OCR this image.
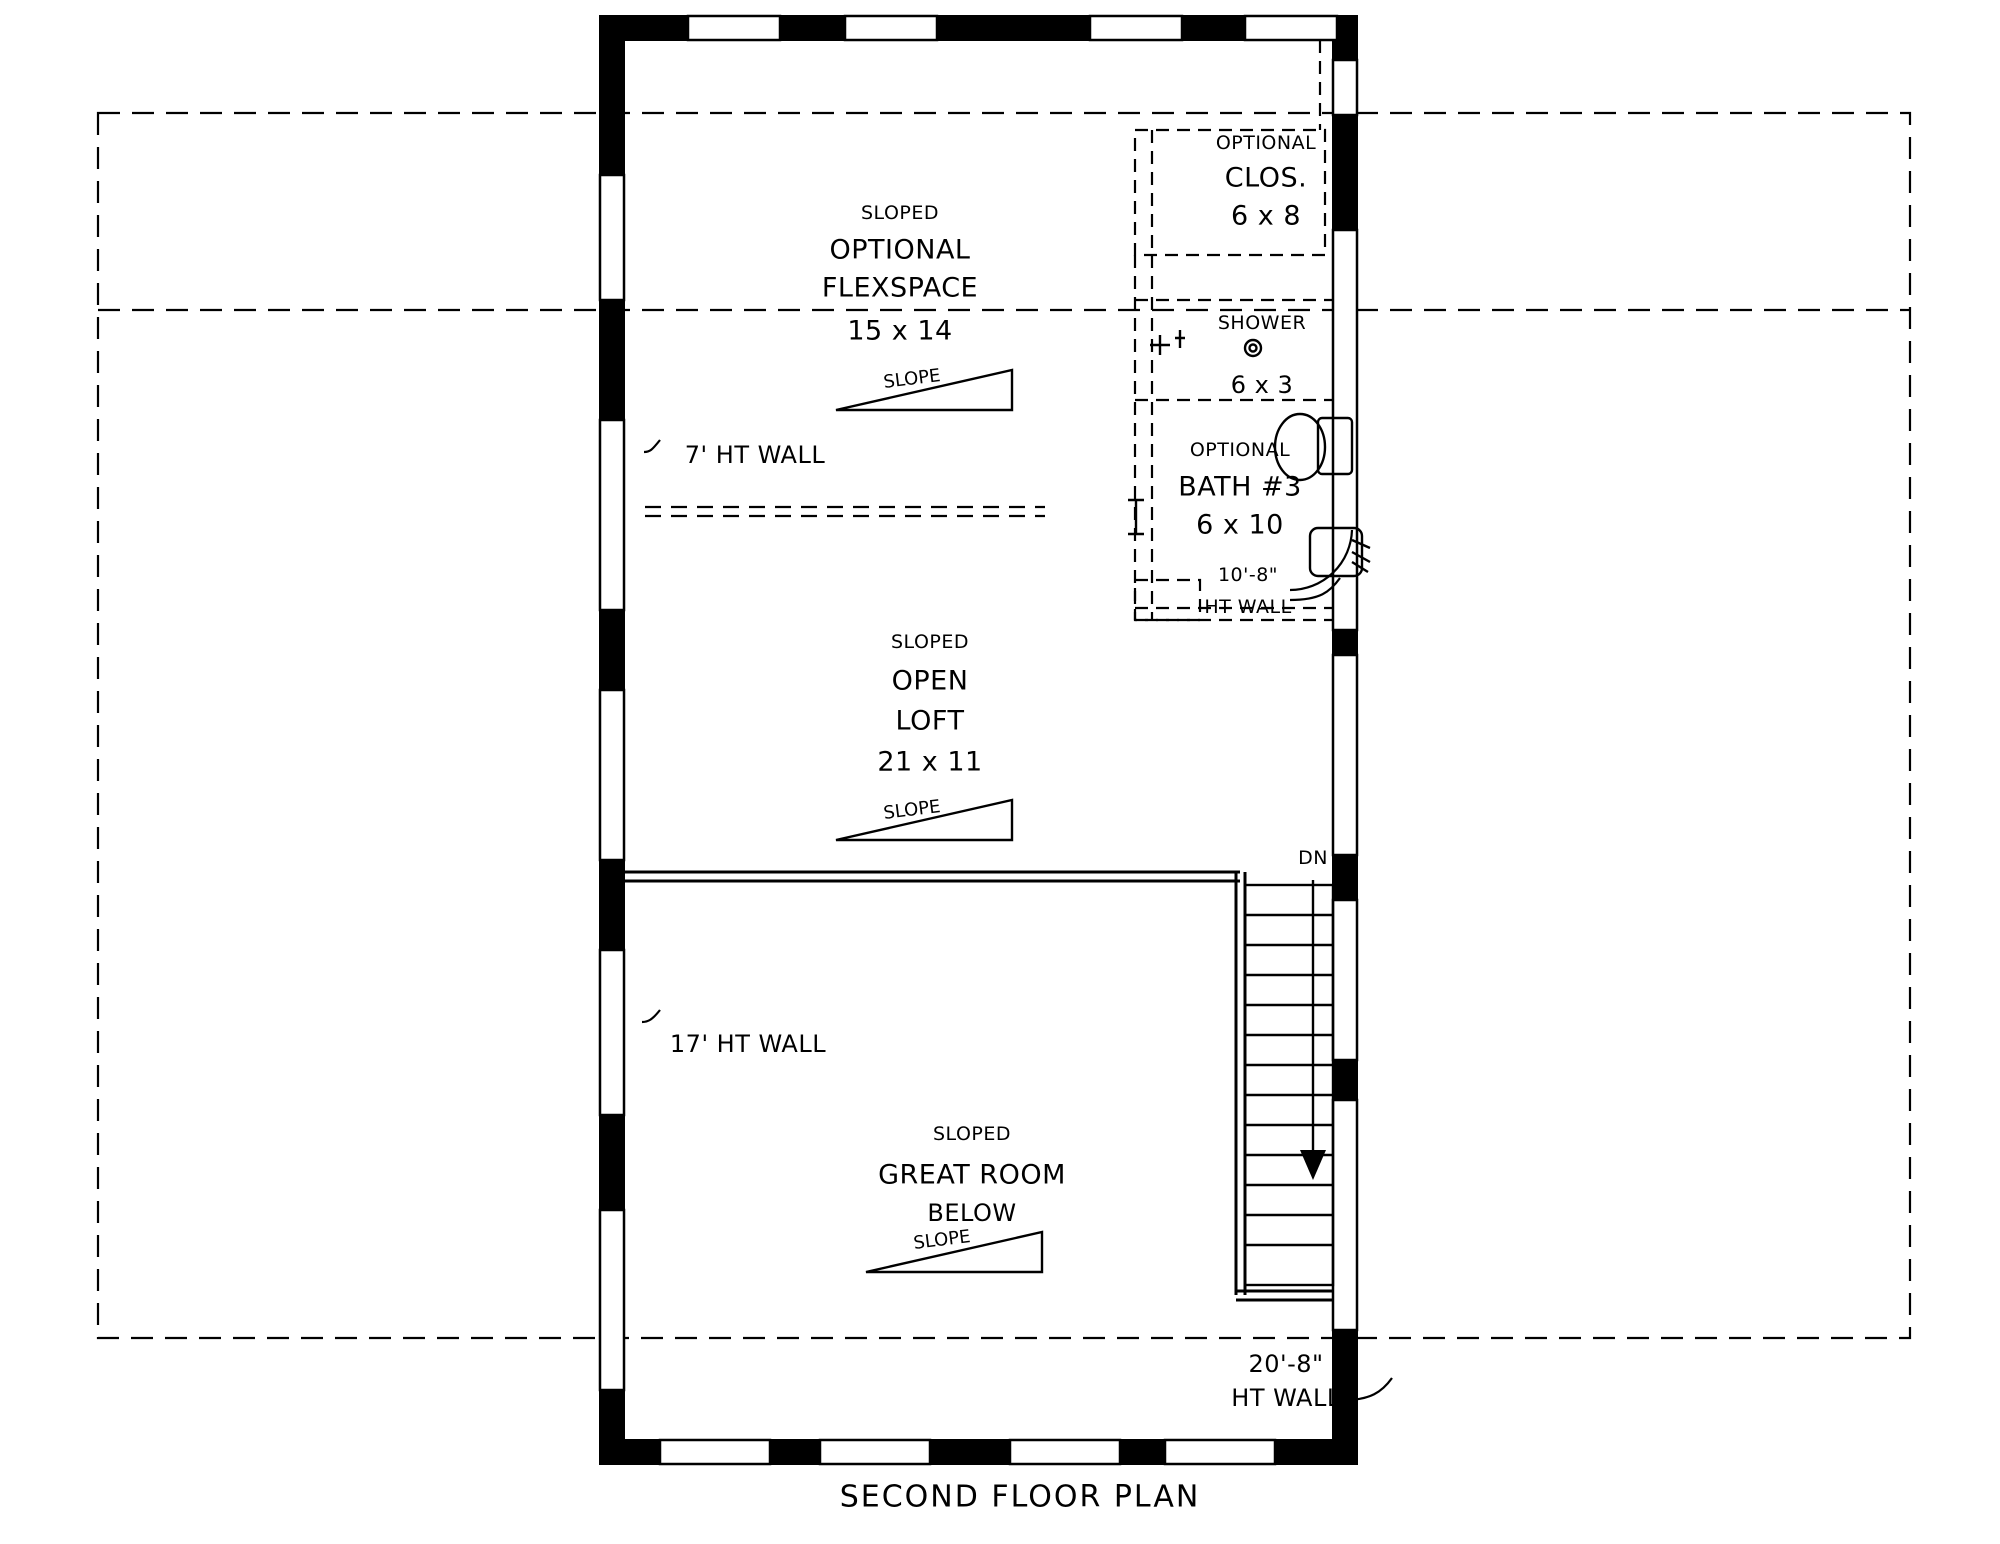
SLOPED
OPTIONAL
FLEXSPACE
15 x 14
SLOPE
SLOPED
OPEN
LOFT
21 x 11
SLOPE
SLOPED
GREAT ROOM
BELOW
SLOPE
OPTIONAL
CLOS.
6 x 8
SHOWER
6 x 3
OPTIONAL
BATH #3
6 x 10
10'-8"
HT WALL
7' HT WALL
17' HT WALL
20'-8"
HT WALL
DN
SECOND FLOOR PLAN
